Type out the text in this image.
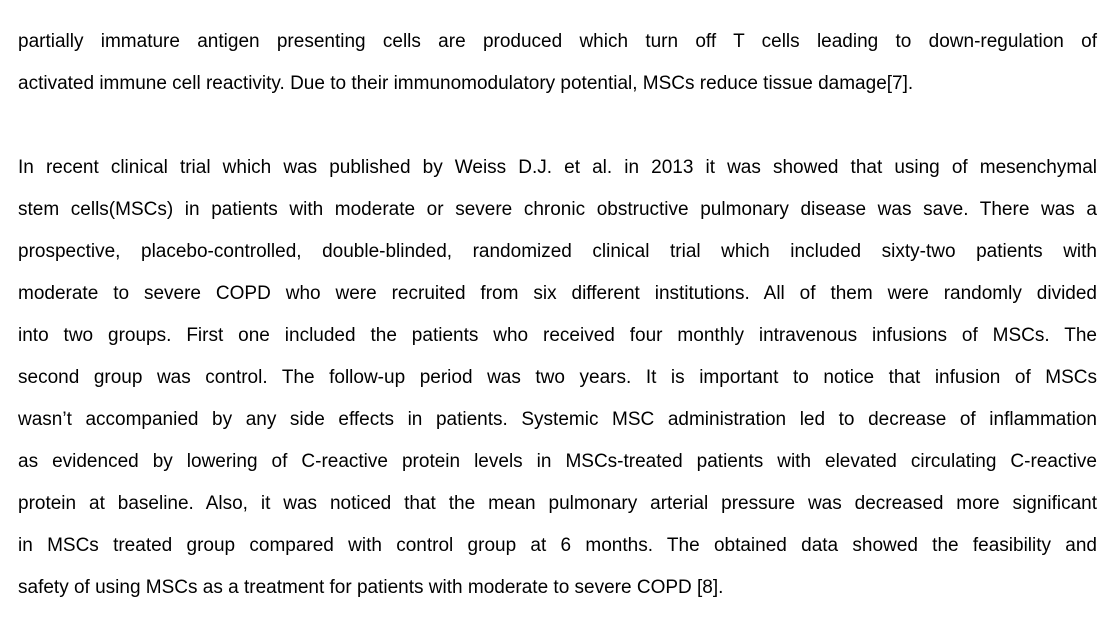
partially immature antigen presenting cells are produced which turn off T cells leading to down-regulation of
activated immune cell reactivity. Due to their immunomodulatory potential, MSCs reduce tissue damage[7].
In recent clinical trial which was published by Weiss D.J. et al. in 2013 it was showed that using of mesenchymal
stem cells(MSCs) in patients with moderate or severe chronic obstructive pulmonary disease was save. There was a
prospective, placebo-controlled, double-blinded, randomized clinical trial which included sixty-two patients with
moderate to severe COPD who were recruited from six different institutions. All of them were randomly divided
into two groups. First one included the patients who received four monthly intravenous infusions of MSCs. The
second group was control. The follow-up period was two years. It is important to notice that infusion of MSCs
wasn’t accompanied by any side effects in patients. Systemic MSC administration led to decrease of inflammation
as evidenced by lowering of C-reactive protein levels in MSCs-treated patients with elevated circulating C-reactive
protein at baseline. Also, it was noticed that the mean pulmonary arterial pressure was decreased more significant
in MSCs treated group compared with control group at 6 months. The obtained data showed the feasibility and
safety of using MSCs as a treatment for patients with moderate to severe COPD [8].
